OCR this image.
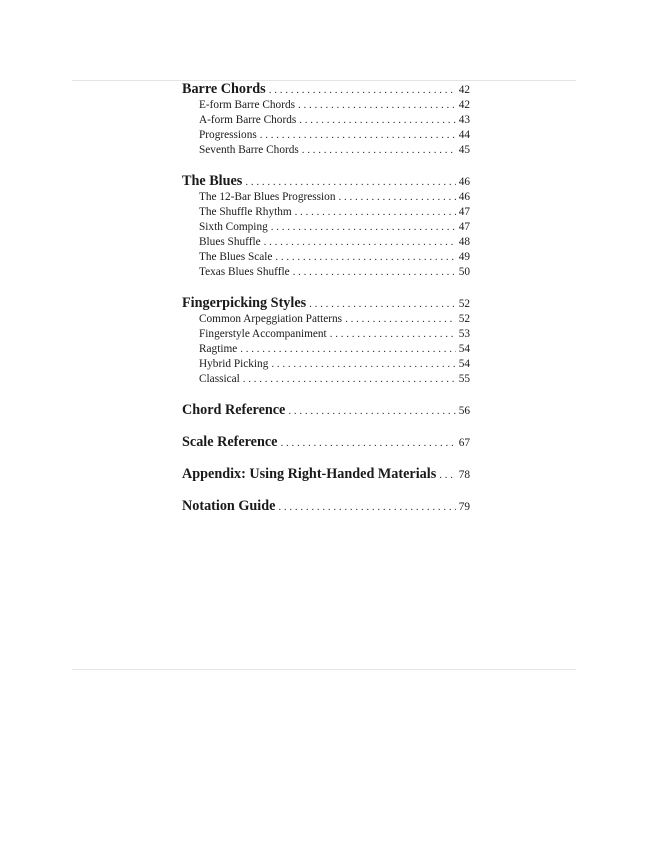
Barre Chords . . .	42
E-form Barre Chords . . .	42
A-form Barre Chords . . .	43
Progressions . . .	44
Seventh Barre Chords . . .	45
The Blues . . .	46
The 12-Bar Blues Progression . . .	46
The Shuffle Rhythm . . .	47
Sixth Comping . . .	47
Blues Shuffle . . .	48
The Blues Scale . . .	49
Texas Blues Shuffle . . .	50
Fingerpicking Styles . . .	52
Common Arpeggiation Patterns . . .	52
Fingerstyle Accompaniment . . .	53
Ragtime . . .	54
Hybrid Picking . . .	54
Classical . . .	55
Chord Reference . . .	56
Scale Reference . . .	67
Appendix: Using Right-Handed Materials . . . 78
Notation Guide . . .	79
